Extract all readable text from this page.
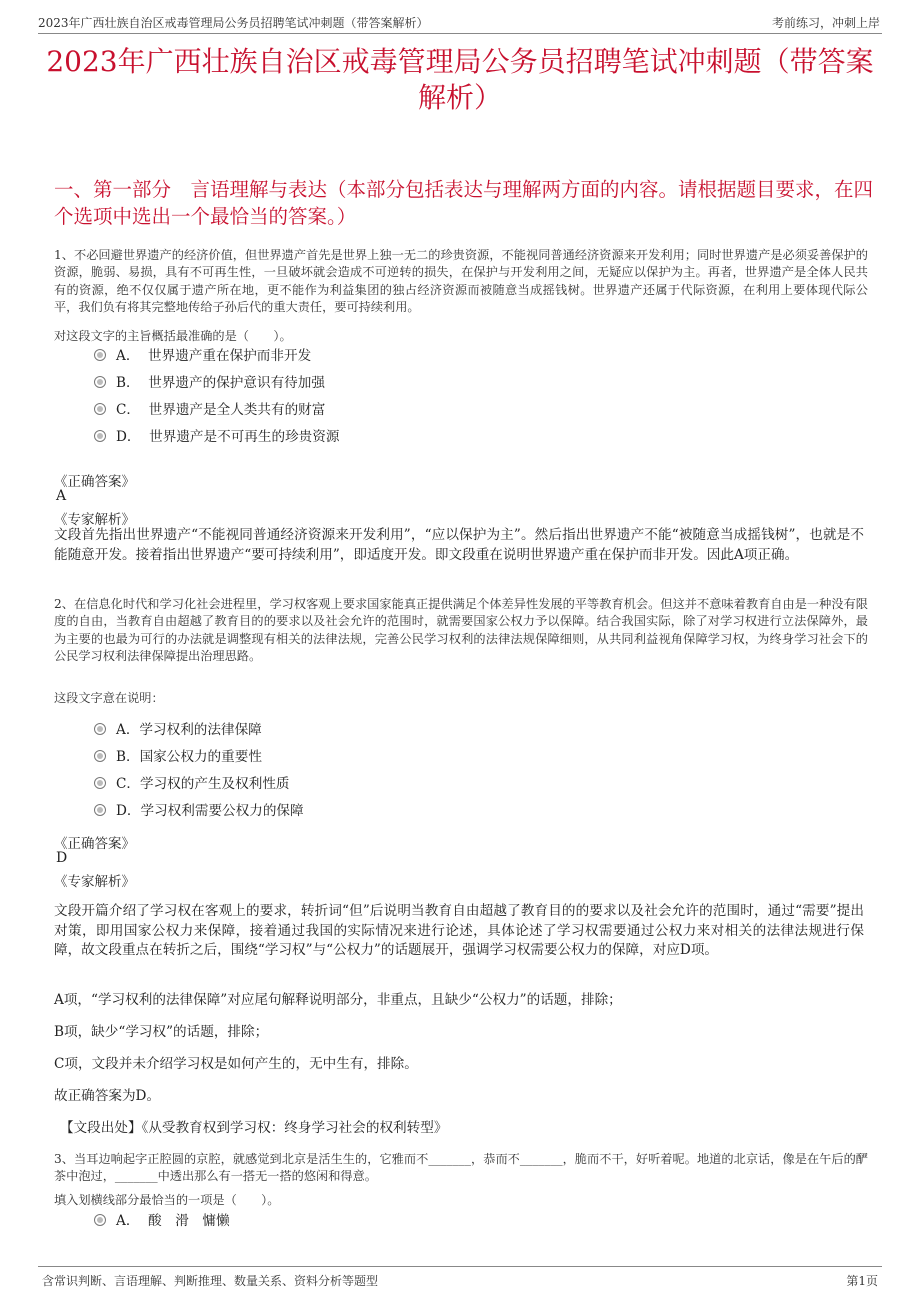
2023年广西壮族自治区戒毒管理局公务员招聘笔试冲刺题（带答案解析）	考前练习，冲刺上岸
2023年广西壮族自治区戒毒管理局公务员招聘笔试冲刺题（带答案解析）
一、第一部分　言语理解与表达（本部分包括表达与理解两方面的内容。请根据题目要求，在四个选项中选出一个最恰当的答案。）
1、不必回避世界遗产的经济价值，但世界遗产首先是世界上独一无二的珍贵资源，不能视同普通经济资源来开发利用；同时世界遗产是必须妥善保护的资源，脆弱、易损，具有不可再生性，一旦破坏就会造成不可逆转的损失，在保护与开发利用之间，无疑应以保护为主。再者，世界遗产是全体人民共有的资源，绝不仅仅属于遗产所在地，更不能作为利益集团的独占经济资源而被随意当成摇钱树。世界遗产还属于代际资源，在利用上要体现代际公平，我们负有将其完整地传给子孙后代的重大责任，要可持续利用。
对这段文字的主旨概括最准确的是（　　）。
A．  世界遗产重在保护而非开发
B．  世界遗产的保护意识有待加强
C．  世界遗产是全人类共有的财富
D．  世界遗产是不可再生的珍贵资源
《正确答案》
A
《专家解析》
文段首先指出世界遗产“不能视同普通经济资源来开发利用”，“应以保护为主”。然后指出世界遗产不能“被随意当成摇钱树”，也就是不能随意开发。接着指出世界遗产“要可持续利用”，即适度开发。即文段重在说明世界遗产重在保护而非开发。因此A项正确。
2、在信息化时代和学习化社会进程里，学习权客观上要求国家能真正提供满足个体差异性发展的平等教育机会。但这并不意味着教育自由是一种没有限度的自由，当教育自由超越了教育目的的要求以及社会允许的范围时，就需要国家公权力予以保障。结合我国实际，除了对学习权进行立法保障外，最为主要的也最为可行的办法就是调整现有相关的法律法规，完善公民学习权利的法律法规保障细则，从共同利益视角保障学习权，为终身学习社会下的公民学习权利法律保障提出治理思路。
这段文字意在说明：
A．学习权利的法律保障
B．国家公权力的重要性
C．学习权的产生及权利性质
D．学习权利需要公权力的保障
《正确答案》
D
《专家解析》
文段开篇介绍了学习权在客观上的要求，转折词“但”后说明当教育自由超越了教育目的的要求以及社会允许的范围时，通过“需要”提出对策，即用国家公权力来保障，接着通过我国的实际情况来进行论述，具体论述了学习权需要通过公权力来对相关的法律法规进行保障，故文段重点在转折之后，围绕“学习权”与“公权力”的话题展开，强调学习权需要公权力的保障，对应D项。
A项，“学习权利的法律保障”对应尾句解释说明部分，非重点，且缺少“公权力”的话题，排除；
B项，缺少“学习权”的话题，排除；
C项，文段并未介绍学习权是如何产生的，无中生有，排除。
故正确答案为D。
【文段出处】《从受教育权到学习权：终身学习社会的权利转型》
3、当耳边响起字正腔圆的京腔，就感觉到北京是活生生的，它雅而不_______，恭而不_______，脆而不干，好听着呢。地道的北京话，像是在午后的酽茶中泡过，_______中透出那么有一搭无一搭的悠闲和得意。
填入划横线部分最恰当的一项是（　　）。
A．  酸　滑　慵懒
含常识判断、言语理解、判断推理、数量关系、资料分析等题型	第1页
